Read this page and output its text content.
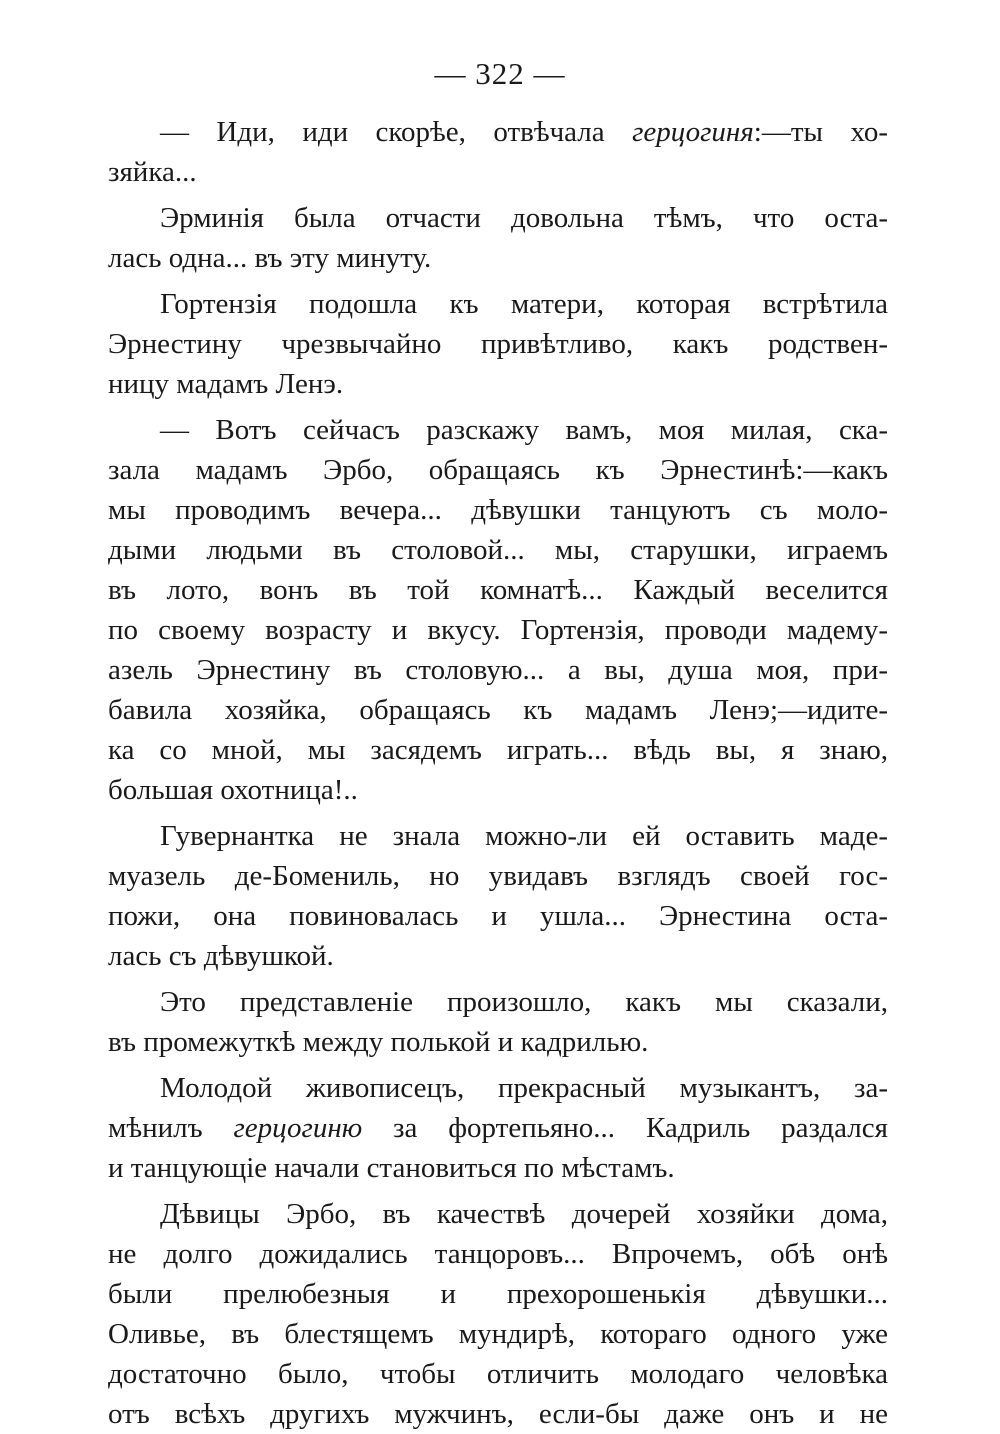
— 322 —
— Иди, иди скорѣе, отвѣчала герцогиня:—ты хо-
зяйка...
Эрминія была отчасти довольна тѣмъ, что оста-
лась одна... въ эту минуту.
Гортензія подошла къ матери, которая встрѣтила
Эрнестину чрезвычайно привѣтливо, какъ родствен-
ницу мадамъ Ленэ.
— Вотъ сейчасъ разскажу вамъ, моя милая, ска-
зала мадамъ Эрбо, обращаясь къ Эрнестинѣ:—какъ
мы проводимъ вечера... дѣвушки танцуютъ съ моло-
дыми людьми въ столовой... мы, старушки, играемъ
въ лото, вонъ въ той комнатѣ... Каждый веселится
по своему возрасту и вкусу. Гортензія, проводи мадему-
азель Эрнестину въ столовую... а вы, душа моя, при-
бавила хозяйка, обращаясь къ мадамъ Ленэ;—идите-
ка со мной, мы засядемъ играть... вѣдь вы, я знаю,
большая охотница!..
Гувернантка не знала можно-ли ей оставить маде-
муазель де-Бомениль, но увидавъ взглядъ своей гос-
пожи, она повиновалась и ушла... Эрнестина оста-
лась съ дѣвушкой.
Это представленіе произошло, какъ мы сказали,
въ промежуткѣ между полькой и кадрилью.
Молодой живописецъ, прекрасный музыкантъ, за-
мѣнилъ герцогиню за фортепьяно... Кадриль раздался
и танцующіе начали становиться по мѣстамъ.
Дѣвицы Эрбо, въ качествѣ дочерей хозяйки дома,
не долго дожидались танцоровъ... Впрочемъ, обѣ онѣ
были прелюбезныя и прехорошенькія дѣвушки...
Оливье, въ блестящемъ мундирѣ, котораго одного уже
достаточно было, чтобы отличить молодаго человѣка
отъ всѣхъ другихъ мужчинъ, если-бы даже онъ и не
